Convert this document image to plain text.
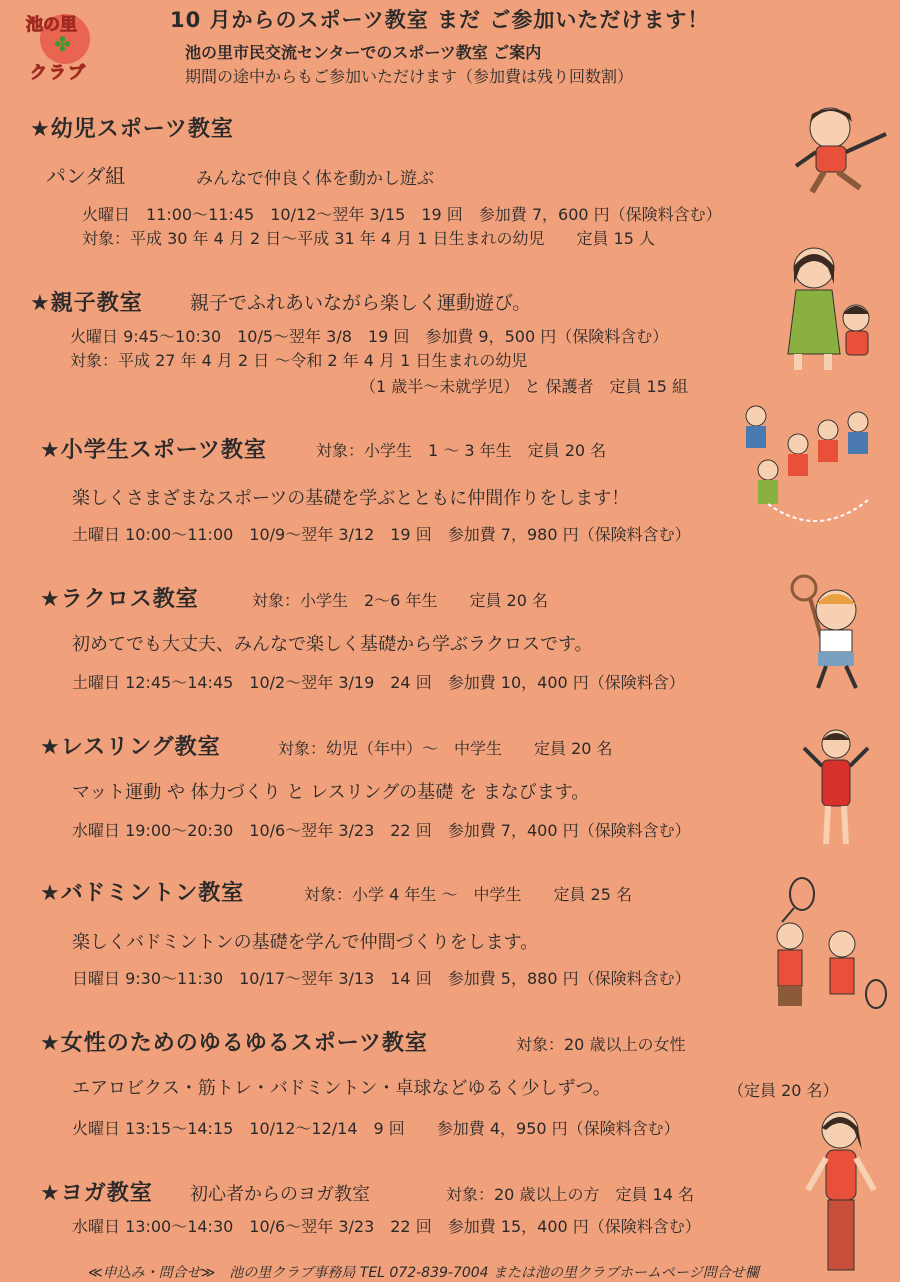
✤
池の里
クラブ
10 月からのスポーツ教室 まだ ご参加いただけます！
池の里市民交流センターでのスポーツ教室 ご案内
期間の途中からもご参加いただけます（参加費は残り回数割）
★幼児スポーツ教室
パンダ組	みんなで仲良く体を動かし遊ぶ
火曜日　11:00～11:45　10/12～翌年 3/15　19 回　参加費 7，600 円（保険料含む）
対象：平成 30 年 4 月 2 日～平成 31 年 4 月 1 日生まれの幼児　　定員 15 人
★親子教室 親子でふれあいながら楽しく運動遊び。
火曜日 9:45～10:30　10/5～翌年 3/8　19 回　参加費 9，500 円（保険料含む）
対象：平成 27 年 4 月 2 日 ～令和 2 年 4 月 1 日生まれの幼児
（1 歳半～未就学児） と 保護者　定員 15 組
★小学生スポーツ教室	対象：小学生　1 ～ 3 年生　定員 20 名
楽しくさまざまなスポーツの基礎を学ぶとともに仲間作りをします！
土曜日 10:00～11:00　10/9～翌年 3/12　19 回　参加費 7，980 円（保険料含む）
★ラクロス教室	対象：小学生　2～6 年生　　定員 20 名
初めてでも大丈夫、みんなで楽しく基礎から学ぶラクロスです。
土曜日 12:45～14:45　10/2～翌年 3/19　24 回　参加費 10，400 円（保険料含）
★レスリング教室	対象：幼児（年中）～　中学生　　定員 20 名
マット運動 や 体力づくり と レスリングの基礎 を まなびます。
水曜日 19:00～20:30　10/6～翌年 3/23　22 回　参加費 7，400 円（保険料含む）
★バドミントン教室	対象：小学 4 年生 ～　中学生　　定員 25 名
楽しくバドミントンの基礎を学んで仲間づくりをします。
日曜日 9:30～11:30　10/17～翌年 3/13　14 回　参加費 5，880 円（保険料含む）
★女性のためのゆるゆるスポーツ教室	対象：20 歳以上の女性
エアロビクス・筋トレ・バドミントン・卓球などゆるく少しずつ。	（定員 20 名）
火曜日 13:15～14:15　10/12～12/14　9 回　　参加費 4，950 円（保険料含む）
★ヨガ教室 初心者からのヨガ教室	対象：20 歳以上の方　定員 14 名
水曜日 13:00～14:30　10/6～翌年 3/23　22 回　参加費 15，400 円（保険料含む）
≪申込み・問合せ≫　池の里クラブ事務局 TEL 072-839-7004 または池の里クラブホームページ問合せ欄
